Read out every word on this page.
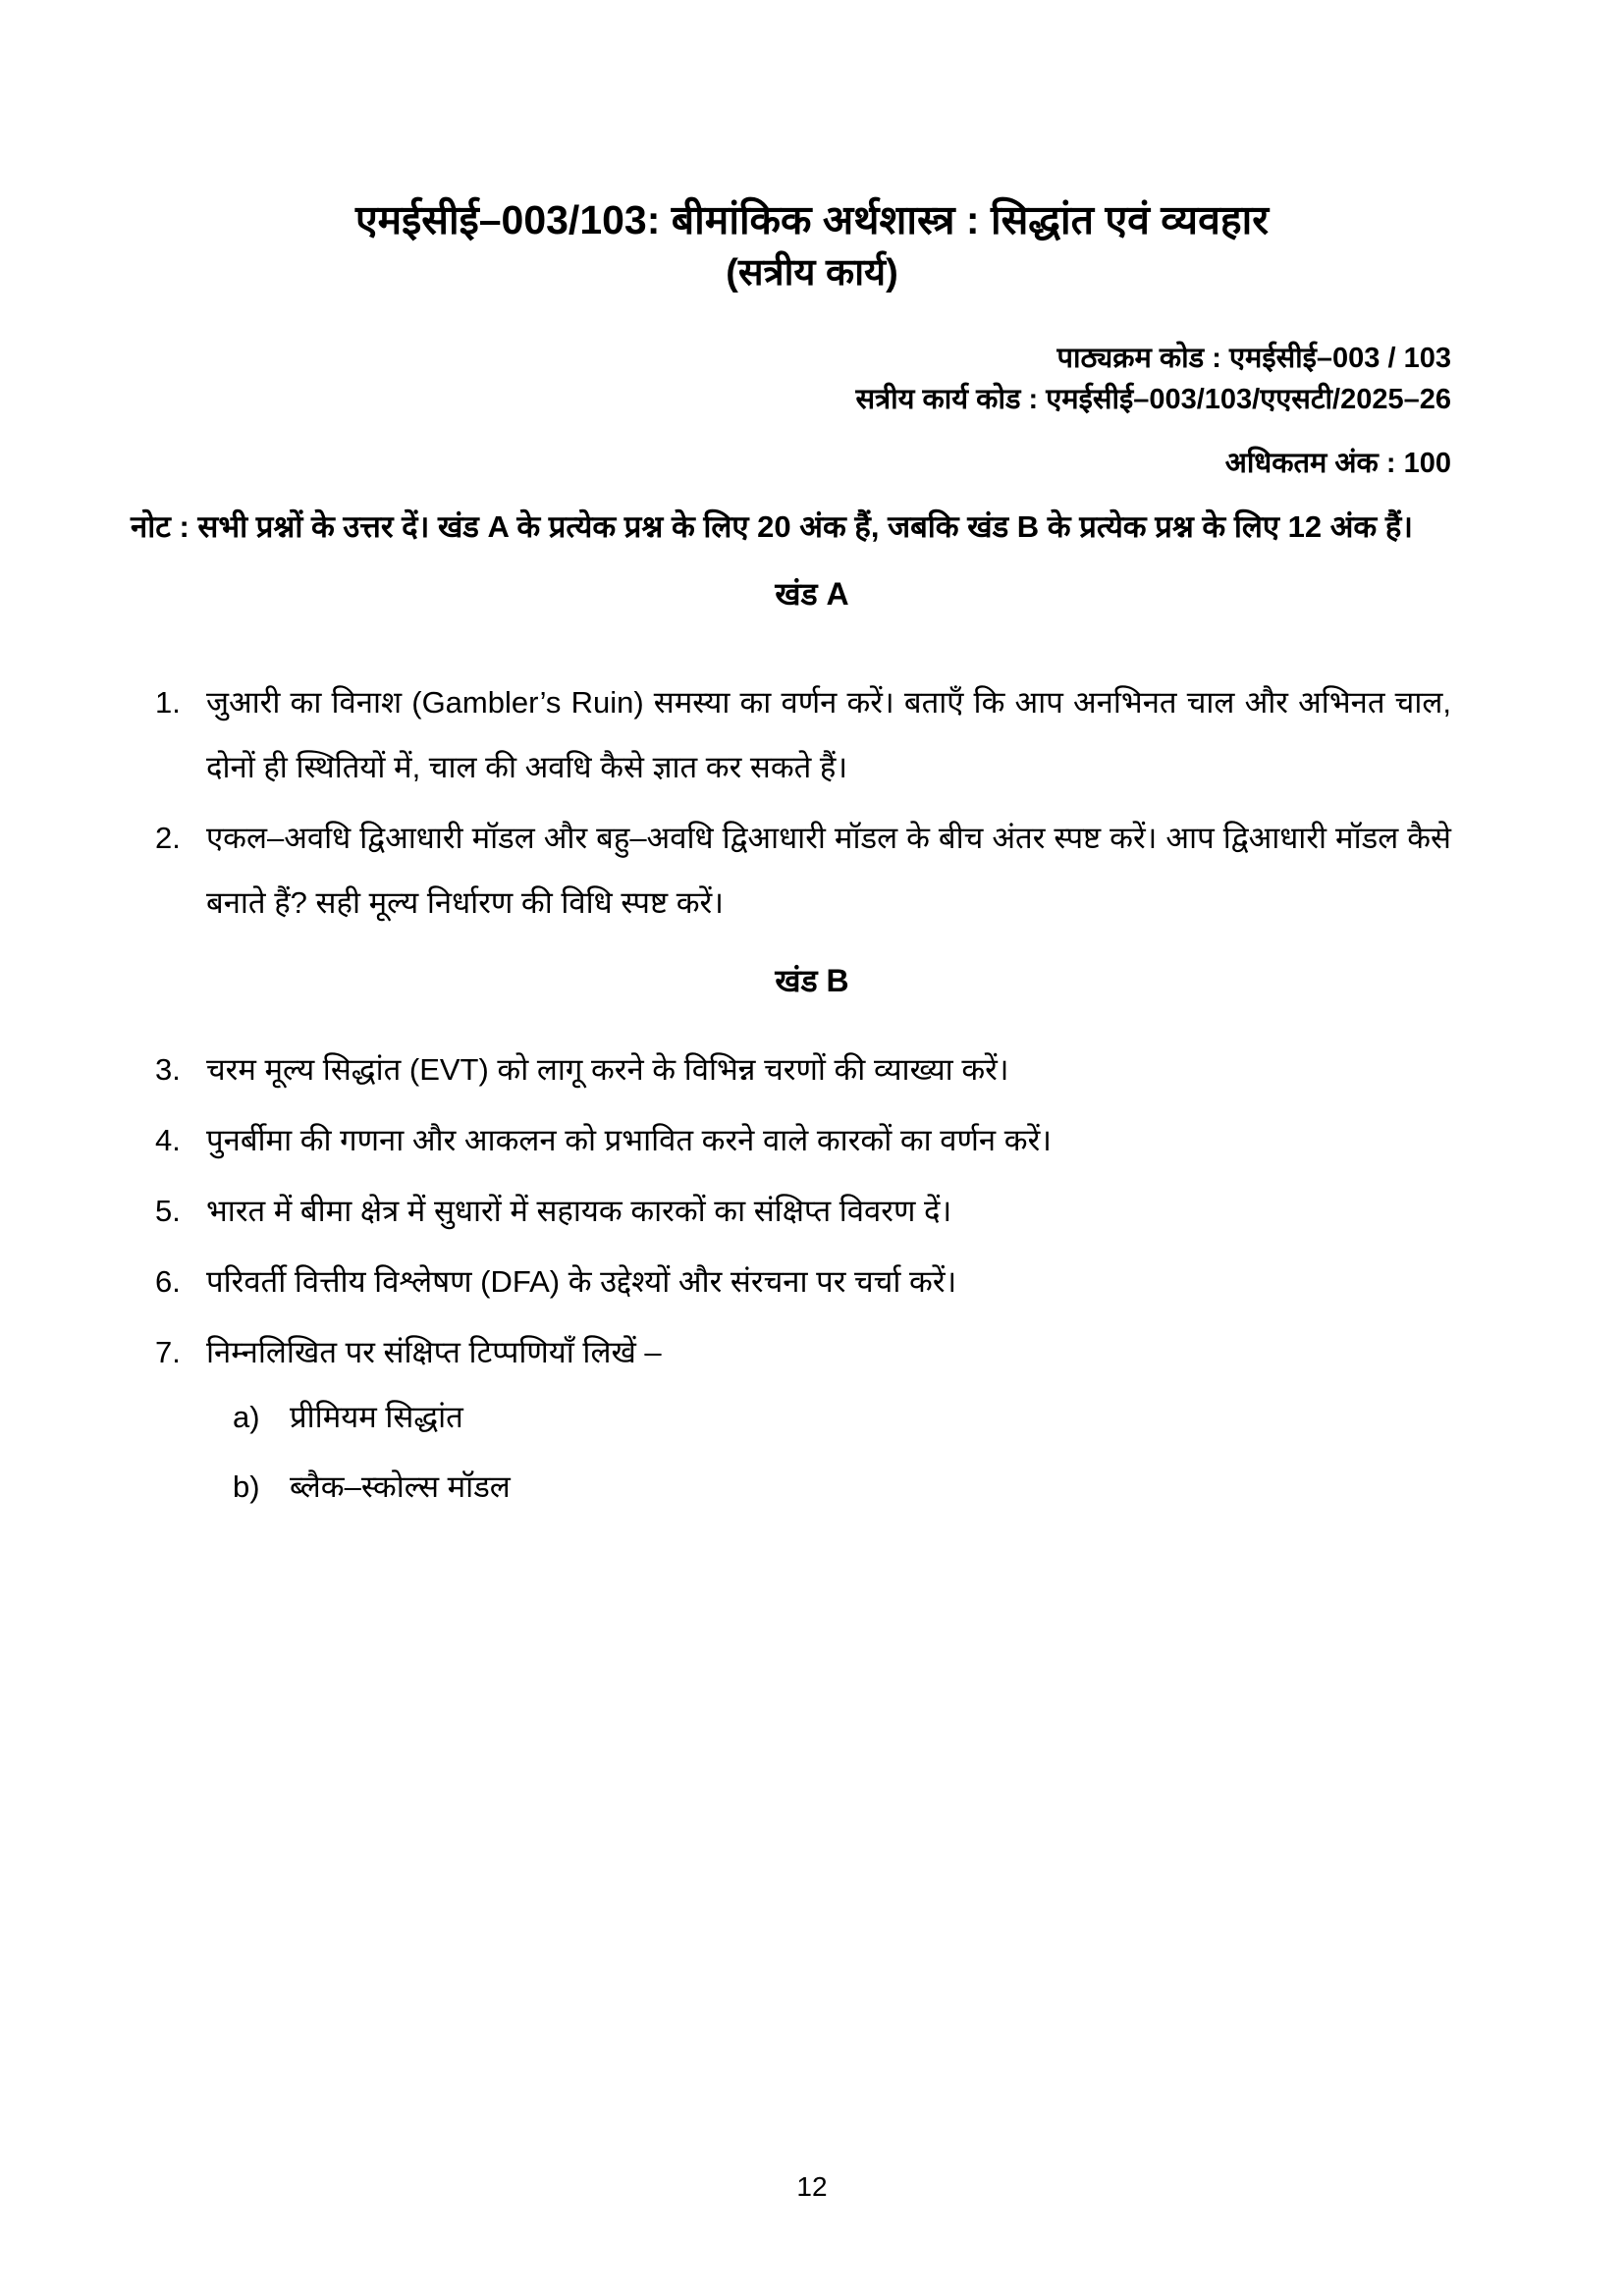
एमईसीई–003/103: बीमांकिक अर्थशास्त्र : सिद्धांत एवं व्यवहार
(सत्रीय कार्य)
पाठ्यक्रम कोड : एमईसीई–003 / 103
सत्रीय कार्य कोड : एमईसीई–003/103/एएसटी/2025–26
अधिकतम अंक : 100

नोट : सभी प्रश्नों के उत्तर दें। खंड A के प्रत्येक प्रश्न के लिए 20 अंक हैं, जबकि खंड B के प्रत्येक प्रश्न के लिए 12 अंक हैं।

खंड A
1. जुआरी का विनाश (Gambler’s Ruin) समस्या का वर्णन करें। बताएँ कि आप अनभिनत चाल और अभिनत चाल, दोनों ही स्थितियों में, चाल की अवधि कैसे ज्ञात कर सकते हैं।
2. एकल–अवधि द्विआधारी मॉडल और बहु–अवधि द्विआधारी मॉडल के बीच अंतर स्पष्ट करें। आप द्विआधारी मॉडल कैसे बनाते हैं? सही मूल्य निर्धारण की विधि स्पष्ट करें।
खंड B
3. चरम मूल्य सिद्धांत (EVT) को लागू करने के विभिन्न चरणों की व्याख्या करें।
4. पुनर्बीमा की गणना और आकलन को प्रभावित करने वाले कारकों का वर्णन करें।
5. भारत में बीमा क्षेत्र में सुधारों में सहायक कारकों का संक्षिप्त विवरण दें।
6. परिवर्ती वित्तीय विश्लेषण (DFA) के उद्देश्यों और संरचना पर चर्चा करें।
7. निम्नलिखित पर संक्षिप्त टिप्पणियाँ लिखें –
a) प्रीमियम सिद्धांत
b) ब्लैक–स्कोल्स मॉडल
12
